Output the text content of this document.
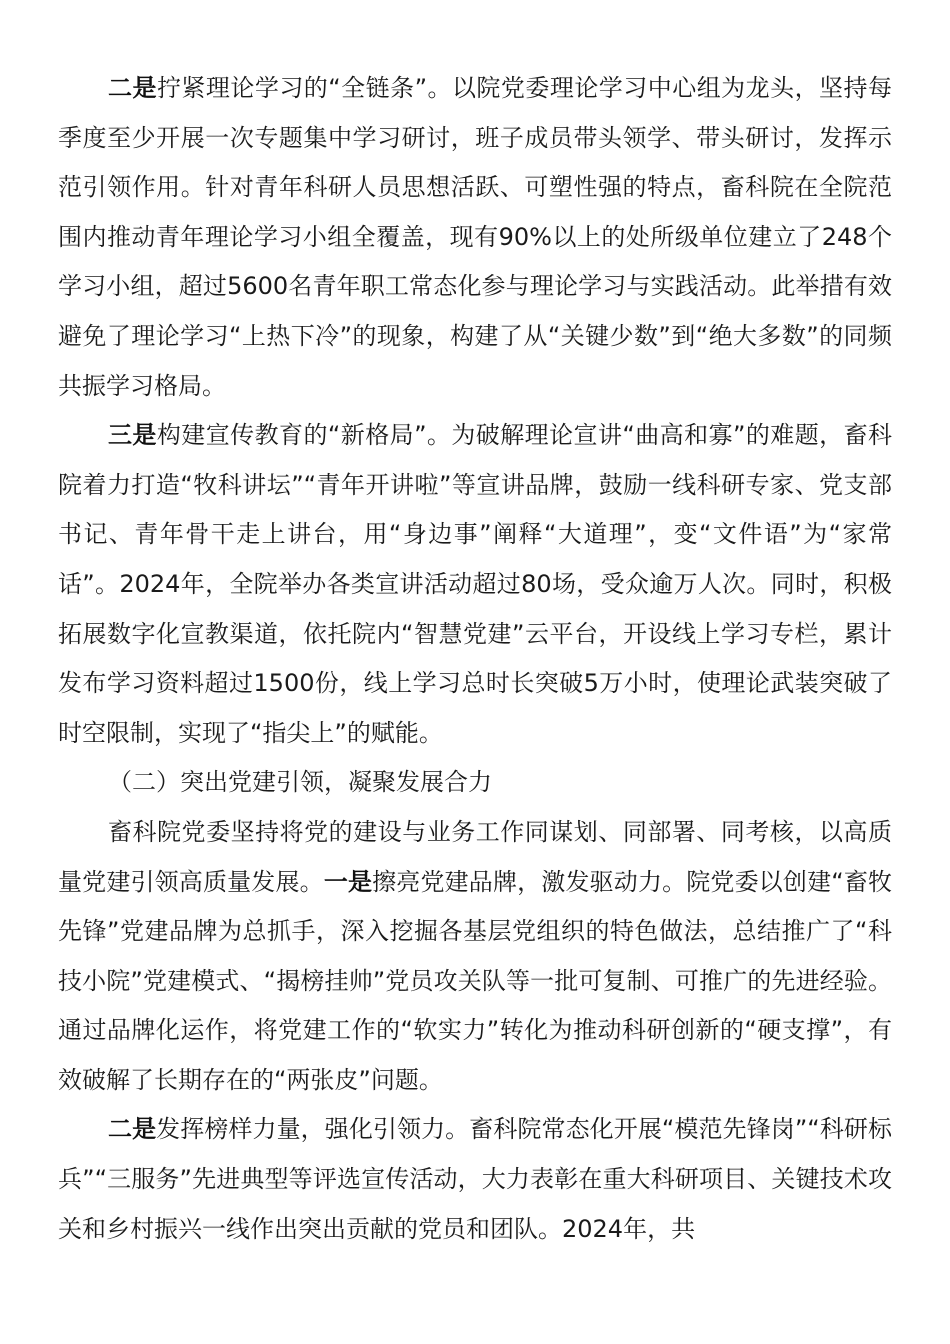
二是拧紧理论学习的“全链条”。以院党委理论学习中心组为龙头，坚持每季度至少开展一次专题集中学习研讨，班子成员带头领学、带头研讨，发挥示范引领作用。针对青年科研人员思想活跃、可塑性强的特点，畜科院在全院范围内推动青年理论学习小组全覆盖，现有90%以上的处所级单位建立了248个学习小组，超过5600名青年职工常态化参与理论学习与实践活动。此举措有效避免了理论学习“上热下冷”的现象，构建了从“关键少数”到“绝大多数”的同频共振学习格局。

三是构建宣传教育的“新格局”。为破解理论宣讲“曲高和寡”的难题，畜科院着力打造“牧科讲坛”“青年开讲啦”等宣讲品牌，鼓励一线科研专家、党支部书记、青年骨干走上讲台，用“身边事”阐释“大道理”，变“文件语”为“家常话”。2024年，全院举办各类宣讲活动超过80场，受众逾万人次。同时，积极拓展数字化宣教渠道，依托院内“智慧党建”云平台，开设线上学习专栏，累计发布学习资料超过1500份，线上学习总时长突破5万小时，使理论武装突破了时空限制，实现了“指尖上”的赋能。

（二）突出党建引领，凝聚发展合力

畜科院党委坚持将党的建设与业务工作同谋划、同部署、同考核，以高质量党建引领高质量发展。一是擦亮党建品牌，激发驱动力。院党委以创建“畜牧先锋”党建品牌为总抓手，深入挖掘各基层党组织的特色做法，总结推广了“科技小院”党建模式、“揭榜挂帅”党员攻关队等一批可复制、可推广的先进经验。通过品牌化运作，将党建工作的“软实力”转化为推动科研创新的“硬支撑”，有效破解了长期存在的“两张皮”问题。

二是发挥榜样力量，强化引领力。畜科院常态化开展“模范先锋岗”“科研标兵”“三服务”先进典型等评选宣传活动，大力表彰在重大科研项目、关键技术攻关和乡村振兴一线作出突出贡献的党员和团队。2024年，共
